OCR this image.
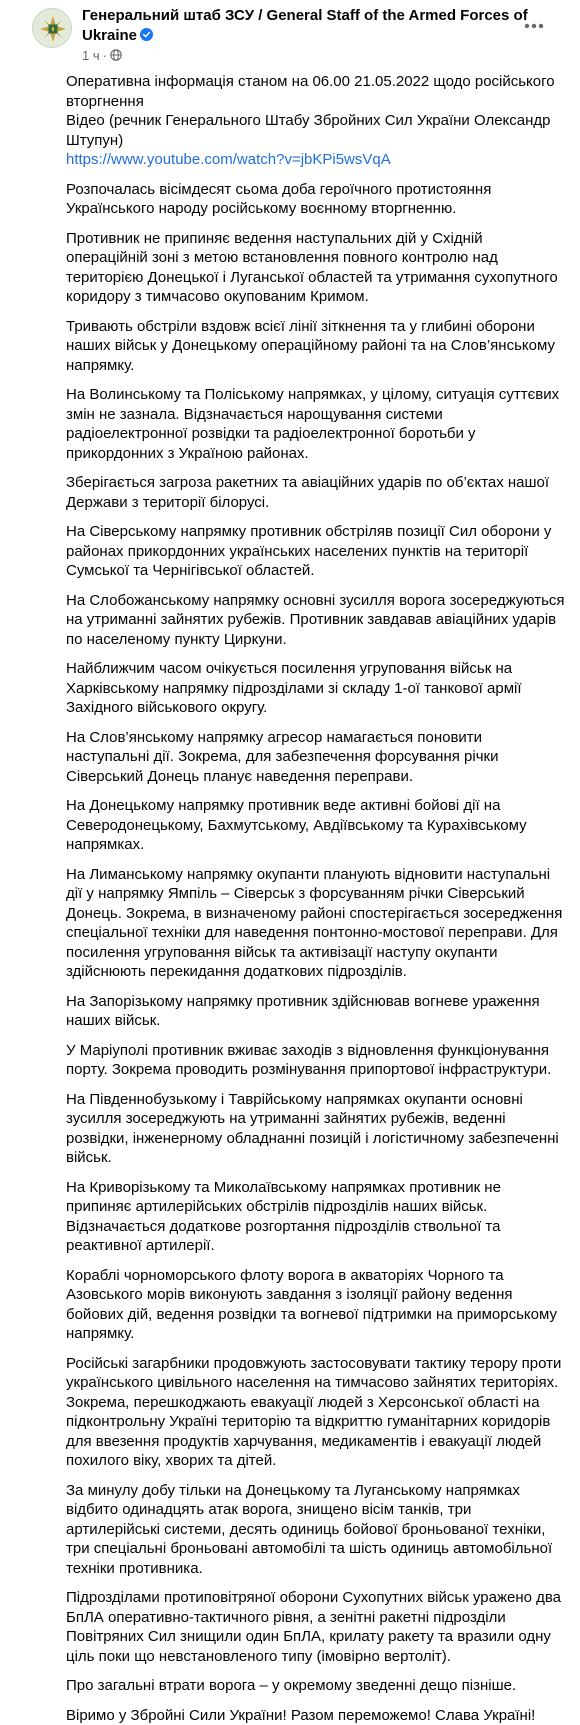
Генеральний штаб ЗСУ / General Staff of the Armed Forces of Ukraine
1 ч ·

Оперативна інформація станом на 06.00 21.05.2022 щодо російського вторгнення

Відео (речник Генерального Штабу Збройних Сил України Олександр Штупун)

https://www.youtube.com/watch?v=jbKPi5wsVqA

Розпочалась вісімдесят сьома доба героїчного протистояння Українського народу російському воєнному вторгненню.

Противник не припиняє ведення наступальних дій у Східній операційній зоні з метою встановлення повного контролю над територією Донецької і Луганської областей та утримання сухопутного коридору з тимчасово окупованим Кримом.

Тривають обстріли вздовж всієї лінії зіткнення та у глибині оборони наших військ у Донецькому операційному районі та на Слов’янському напрямку.

На Волинському та Поліському напрямках, у цілому, ситуація суттєвих змін не зазнала. Відзначається нарощування системи радіоелектронної розвідки та радіоелектронної боротьби у прикордонних з Україною районах.

Зберігається загроза ракетних та авіаційних ударів по об’єктах нашої Держави з території білорусі.

На Сіверському напрямку противник обстріляв позиції Сил оборони у районах прикордонних українських населених пунктів на території Сумської та Чернігівської областей.

На Слобожанському напрямку основні зусилля ворога зосереджуються на утриманні зайнятих рубежів. Противник завдавав авіаційних ударів по населеному пункту Циркуни.

Найближчим часом очікується посилення угруповання військ на Харківському напрямку підрозділами зі складу 1-ої танкової армії Західного військового округу.

На Слов’янському напрямку агресор намагається поновити наступальні дії. Зокрема, для забезпечення форсування річки Сіверський Донець планує наведення переправи.

На Донецькому напрямку противник веде активні бойові дії на Северодонецькому, Бахмутському, Авдіївському та Курахівському напрямках.

На Лиманському напрямку окупанти планують відновити наступальні дії у напрямку Ямпіль – Сіверськ з форсуванням річки Сіверський Донець. Зокрема, в визначеному районі спостерігається зосередження спеціальної техніки для наведення понтонно-мостової переправи. Для посилення угруповання військ та активізації наступу окупанти здійснюють перекидання додаткових підрозділів.

На Запорізькому напрямку противник здійснював вогневе ураження наших військ.

У Маріуполі противник вживає заходів з відновлення функціонування порту. Зокрема проводить розмінування припортової інфраструктури.

На Південнобузькому і Таврійському напрямках окупанти основні зусилля зосереджують на утриманні зайнятих рубежів, веденні розвідки, інженерному обладнанні позицій і логістичному забезпеченні військ.

На Криворізькому та Миколаївському напрямках противник не припиняє артилерійських обстрілів підрозділів наших військ. Відзначається додаткове розгортання підрозділів ствольної та реактивної артилерії.

Кораблі чорноморського флоту ворога в акваторіях Чорного та Азовського морів виконують завдання з ізоляції району ведення бойових дій, ведення розвідки та вогневої підтримки на приморському напрямку.

Російські загарбники продовжують застосовувати тактику терору проти українського цивільного населення на тимчасово зайнятих територіях. Зокрема, перешкоджають евакуації людей з Херсонської області на підконтрольну Україні територію та відкриттю гуманітарних коридорів для ввезення продуктів харчування, медикаментів і евакуації людей похилого віку, хворих та дітей.

За минулу добу тільки на Донецькому та Луганському напрямках відбито одинадцять атак ворога, знищено вісім танків, три артилерійські системи, десять одиниць бойової броньованої техніки, три спеціальні броньовані автомобілі та шість одиниць автомобільної техніки противника.

Підрозділами протиповітряної оборони Сухопутних військ уражено два БпЛА оперативно-тактичного рівня, а зенітні ракетні підрозділи Повітряних Сил знищили один БпЛА, крилату ракету та вразили одну ціль поки що невстановленого типу (імовірно вертоліт).

Про загальні втрати ворога – у окремому зведенні дещо пізніше.

Віримо у Збройні Сили України! Разом переможемо! Слава Україні!
